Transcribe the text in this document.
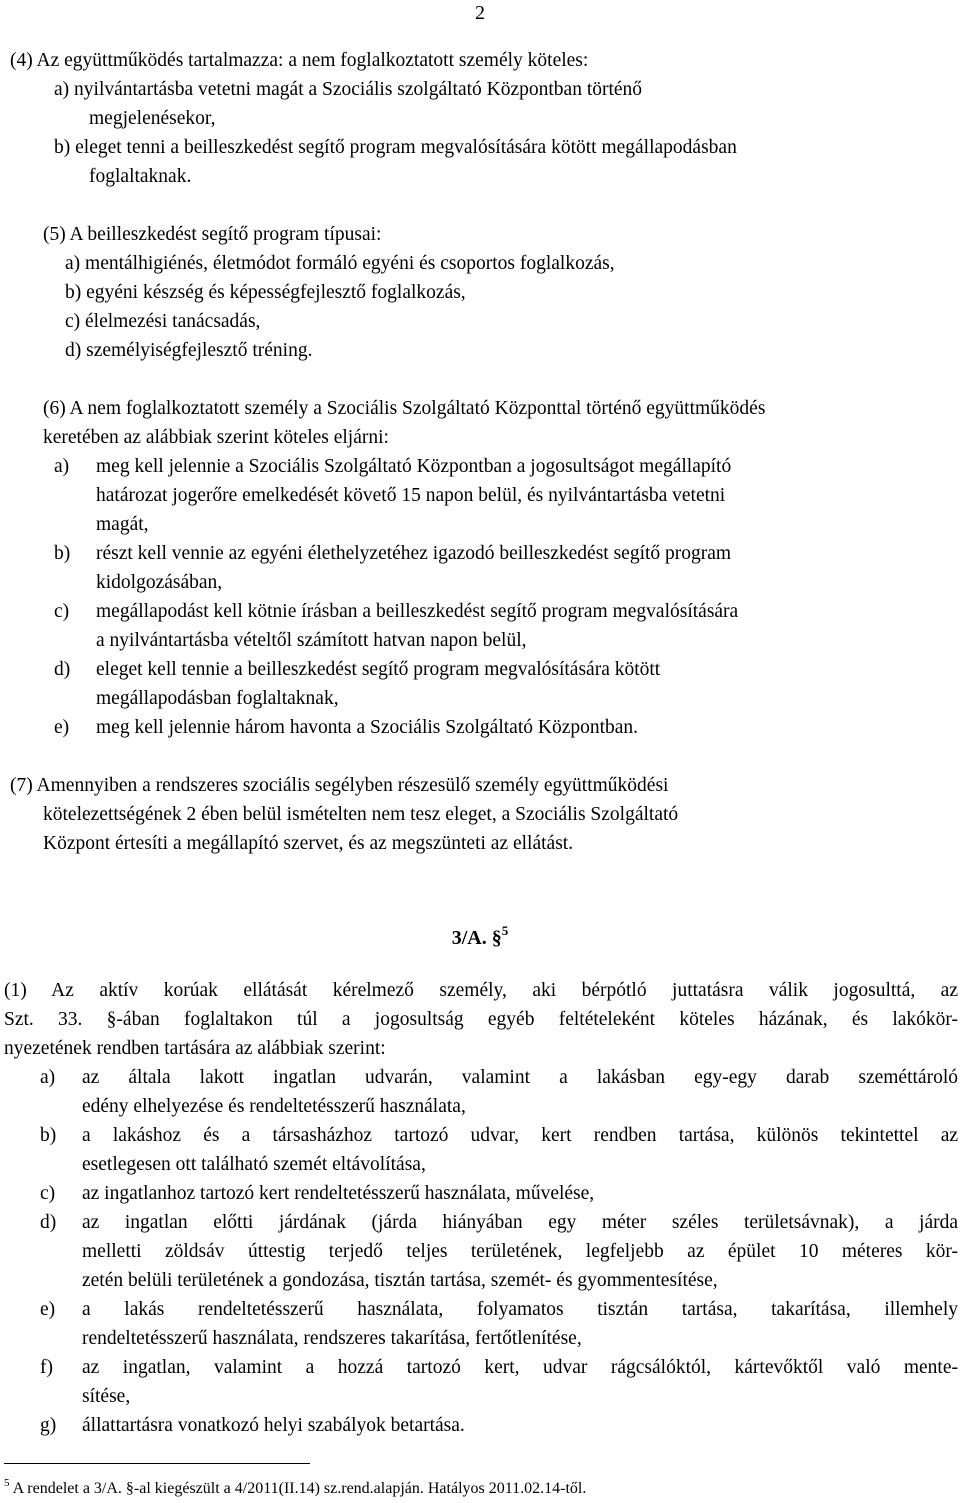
2
(4) Az együttműködés tartalmazza: a nem foglalkoztatott személy köteles:
a) nyilvántartásba vetetni magát a Szociális szolgáltató Központban történő
megjelenésekor,
b) eleget tenni a beilleszkedést segítő program megvalósítására kötött megállapodásban
foglaltaknak.
(5) A beilleszkedést segítő program típusai:
a) mentálhigiénés, életmódot formáló egyéni és csoportos foglalkozás,
b) egyéni készség és képességfejlesztő foglalkozás,
c) élelmezési tanácsadás,
d) személyiségfejlesztő tréning.
(6) A nem foglalkoztatott személy a Szociális Szolgáltató Központtal történő együttműködés
keretében az alábbiak szerint köteles eljárni:
a) meg kell jelennie a Szociális Szolgáltató Központban a jogosultságot megállapító
határozat jogerőre emelkedését követő 15 napon belül, és nyilvántartásba vetetni
magát,
b) részt kell vennie az egyéni élethelyzetéhez igazodó beilleszkedést segítő program
kidolgozásában,
c) megállapodást kell kötnie írásban a beilleszkedést segítő program megvalósítására
a nyilvántartásba vételtől számított hatvan napon belül,
d) eleget kell tennie a beilleszkedést segítő program megvalósítására kötött
megállapodásban foglaltaknak,
e) meg kell jelennie három havonta a Szociális Szolgáltató Központban.
(7) Amennyiben a rendszeres szociális segélyben részesülő személy együttműködési
kötelezettségének 2 ében belül ismételten nem tesz eleget, a Szociális Szolgáltató
Központ értesíti a megállapító szervet, és az megszünteti az ellátást.
3/A. §$^5$
(1) Az aktív korúak ellátását kérelmező személy, aki bérpótló juttatásra válik jogosulttá, az
Szt. 33. §-ában foglaltakon túl a jogosultság egyéb feltételeként köteles házának, és lakókör-
nyezetének rendben tartására az alábbiak szerint:
a) az általa lakott ingatlan udvarán, valamint a lakásban egy-egy darab szeméttároló
edény elhelyezése és rendeltetésszerű használata,
b) a lakáshoz és a társasházhoz tartozó udvar, kert rendben tartása, különös tekintettel az
esetlegesen ott található szemét eltávolítása,
c) az ingatlanhoz tartozó kert rendeltetésszerű használata, művelése,
d) az ingatlan előtti járdának (járda hiányában egy méter széles területsávnak), a járda
melletti zöldsáv úttestig terjedő teljes területének, legfeljebb az épület 10 méteres kör-
zetén belüli területének a gondozása, tisztán tartása, szemét- és gyommentesítése,
e) a lakás rendeltetésszerű használata, folyamatos tisztán tartása, takarítása, illemhely
rendeltetésszerű használata, rendszeres takarítása, fertőtlenítése,
f) az ingatlan, valamint a hozzá tartozó kert, udvar rágcsálóktól, kártevőktől való mente-
sítése,
g) állattartásra vonatkozó helyi szabályok betartása.
$^5$ A rendelet a 3/A. §-al kiegészült a 4/2011(II.14) sz.rend.alapján. Hatályos 2011.02.14-től.
